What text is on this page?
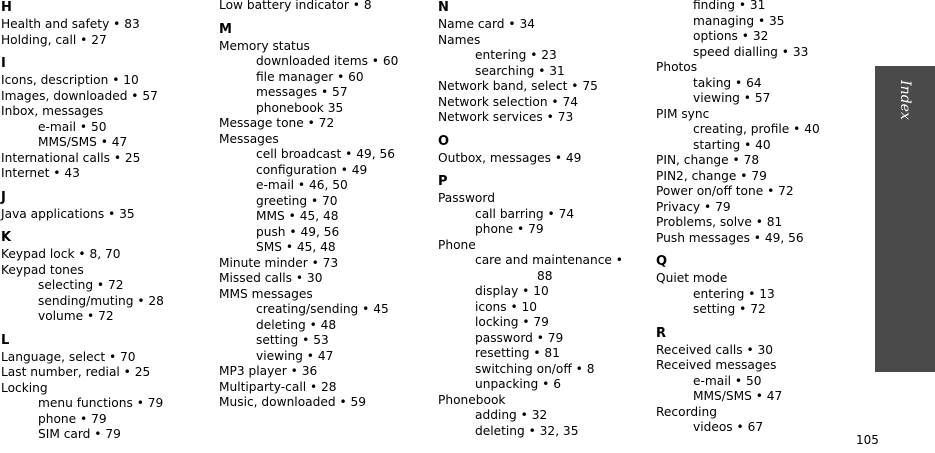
H
Health and safety • 83
Holding, call • 27
I
Icons, description • 10
Images, downloaded • 57
Inbox, messages
e-mail • 50
MMS/SMS • 47
International calls • 25
Internet • 43
J
Java applications • 35
K
Keypad lock • 8, 70
Keypad tones
selecting • 72
sending/muting • 28
volume • 72
L
Language, select • 70
Last number, redial • 25
Locking
menu functions • 79
phone • 79
SIM card • 79
Low battery indicator • 8
M
Memory status
downloaded items • 60
file manager • 60
messages • 57
phonebook 35
Message tone • 72
Messages
cell broadcast • 49, 56
configuration • 49
e-mail • 46, 50
greeting • 70
MMS • 45, 48
push • 49, 56
SMS • 45, 48
Minute minder • 73
Missed calls • 30
MMS messages
creating/sending • 45
deleting • 48
setting • 53
viewing • 47
MP3 player • 36
Multiparty-call • 28
Music, downloaded • 59
N
Name card • 34
Names
entering • 23
searching • 31
Network band, select • 75
Network selection • 74
Network services • 73
O
Outbox, messages • 49
P
Password
call barring • 74
phone • 79
Phone
care and maintenance •
88
display • 10
icons • 10
locking • 79
password • 79
resetting • 81
switching on/off • 8
unpacking • 6
Phonebook
adding • 32
deleting • 32, 35
finding • 31
managing • 35
options • 32
speed dialling • 33
Photos
taking • 64
viewing • 57
PIM sync
creating, profile • 40
starting • 40
PIN, change • 78
PIN2, change • 79
Power on/off tone • 72
Privacy • 79
Problems, solve • 81
Push messages • 49, 56
Q
Quiet mode
entering • 13
setting • 72
R
Received calls • 30
Received messages
e-mail • 50
MMS/SMS • 47
Recording
videos • 67
Index
105
